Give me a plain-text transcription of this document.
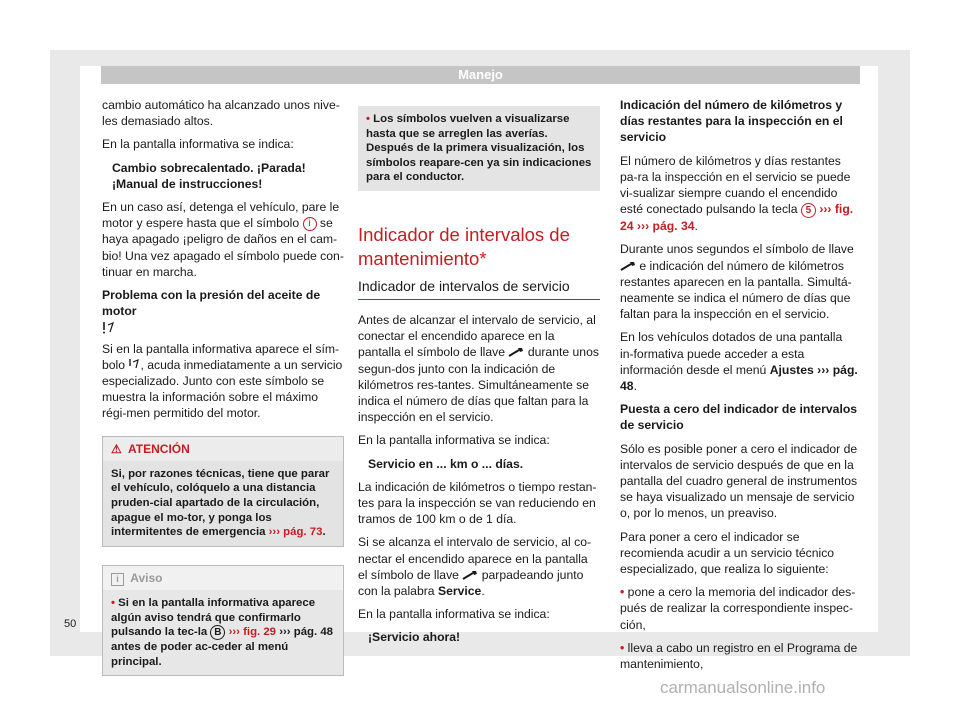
Manejo

cambio automático ha alcanzado unos nive-les demasiado altos.

En la pantalla informativa se indica:

Cambio sobrecalentado. ¡Parada! ¡Manual de instrucciones!

En un caso así, detenga el vehículo, pare le motor y espere hasta que el símbolo i se haya apagado ¡peligro de daños en el cam-bio! Una vez apagado el símbolo puede con-tinuar en marcha.

Problema con la presión del aceite de motor

Si en la pantalla informativa aparece el sím-bolo , acuda inmediatamente a un servicio especializado. Junto con este símbolo se muestra la información sobre el máximo régi-men permitido del motor.

⚠ ATENCIÓN
Si, por razones técnicas, tiene que parar el vehículo, colóquelo a una distancia pruden-cial apartado de la circulación, apague el mo-tor, y ponga los intermitentes de emergencia ››› pág. 73.
i Aviso
• Si en la pantalla informativa aparece algún aviso tendrá que confirmarlo pulsando la tec-la B ››› fig. 29 ››› pág. 48 antes de poder ac-ceder al menú principal.
• Los símbolos vuelven a visualizarse hasta que se arreglen las averías. Después de la primera visualización, los símbolos reapare-cen ya sin indicaciones para el conductor.
Indicador de intervalos de mantenimiento*
Indicador de intervalos de servicio

Antes de alcanzar el intervalo de servicio, al conectar el encendido aparece en la pantalla el símbolo de llave durante unos segun-dos junto con la indicación de kilómetros res-tantes. Simultáneamente se indica el número de días que faltan para la inspección en el servicio.

En la pantalla informativa se indica:

Servicio en ... km o ... días.

La indicación de kilómetros o tiempo restan-tes para la inspección se van reduciendo en tramos de 100 km o de 1 día.

Si se alcanza el intervalo de servicio, al co-nectar el encendido aparece en la pantalla el símbolo de llave parpadeando junto con la palabra Service.

En la pantalla informativa se indica:

¡Servicio ahora!

Indicación del número de kilómetros y días restantes para la inspección en el servicio

El número de kilómetros y días restantes pa-ra la inspección en el servicio se puede vi-sualizar siempre cuando el encendido esté conectado pulsando la tecla 5 ››› fig. 24 ››› pág. 34.

Durante unos segundos el símbolo de llave  e indicación del número de kilómetros restantes aparecen en la pantalla. Simultá-neamente se indica el número de días que faltan para la inspección en el servicio.

En los vehículos dotados de una pantalla in-formativa puede acceder a esta información desde el menú Ajustes ››› pág. 48.

Puesta a cero del indicador de intervalos de servicio

Sólo es posible poner a cero el indicador de intervalos de servicio después de que en la pantalla del cuadro general de instrumentos se haya visualizado un mensaje de servicio o, por lo menos, un preaviso.

Para poner a cero el indicador se recomienda acudir a un servicio técnico especializado, que realiza lo siguiente:

• pone a cero la memoria del indicador des-pués de realizar la correspondiente inspec-ción,

• lleva a cabo un registro en el Programa de mantenimiento,

50
carmanualsonline.info
